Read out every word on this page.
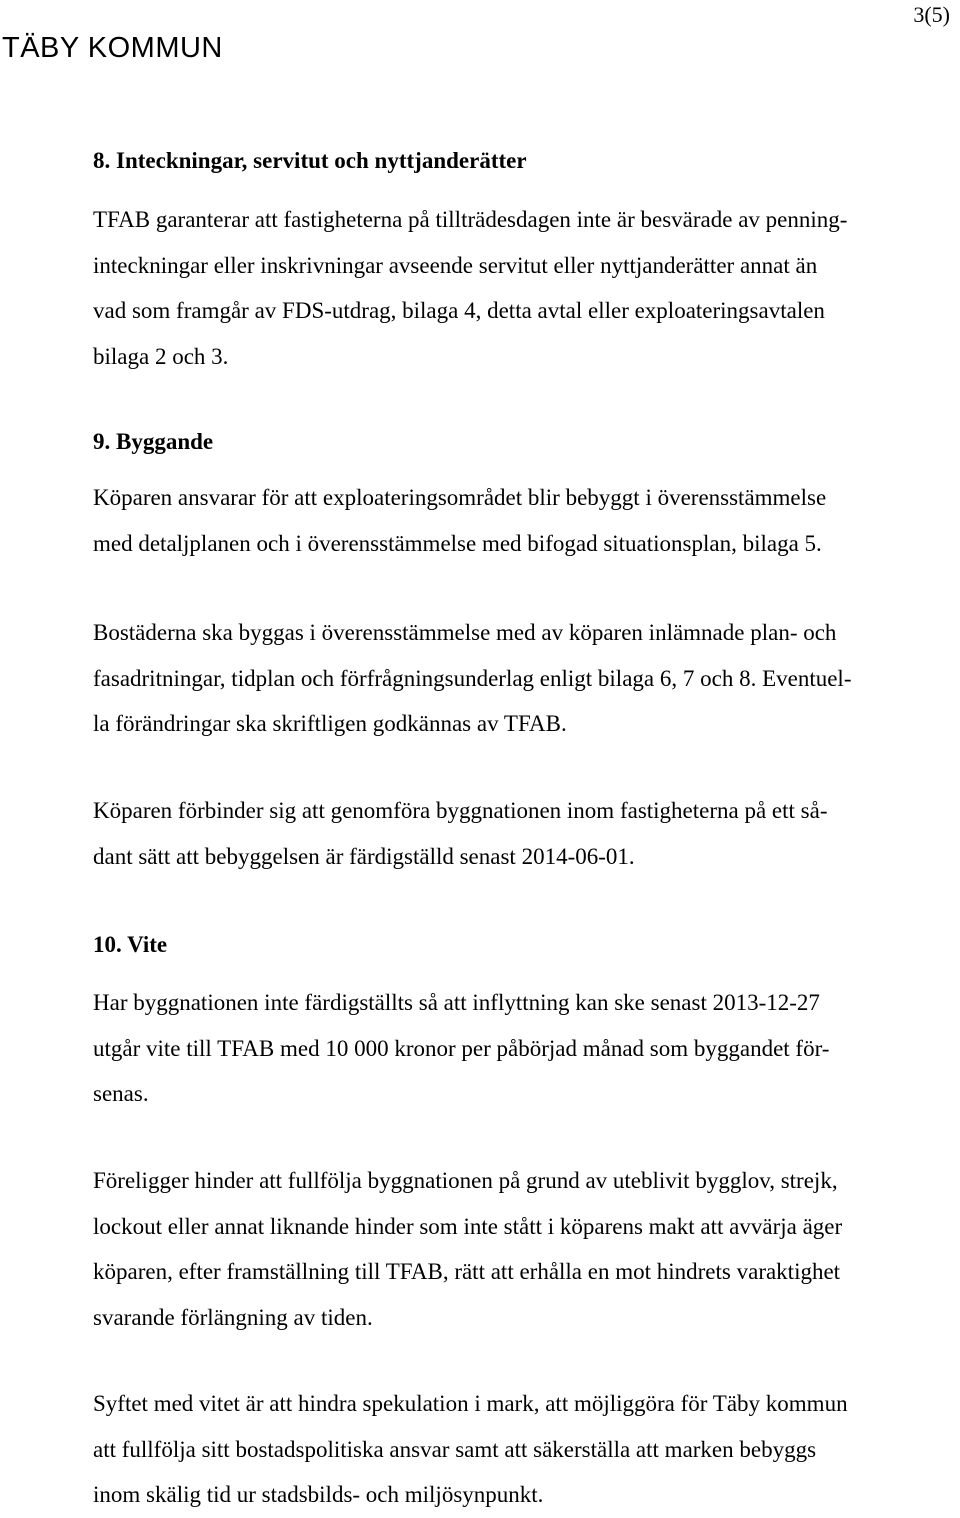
3(5)
TÄBY KOMMUN
8. Inteckningar, servitut och nyttjanderätter
TFAB garanterar att fastigheterna på tillträdesdagen inte är besvärade av penning-
inteckningar eller inskrivningar avseende servitut eller nyttjanderätter annat än
vad som framgår av FDS-utdrag, bilaga 4, detta avtal eller exploateringsavtalen
bilaga 2 och 3.
9. Byggande
Köparen ansvarar för att exploateringsområdet blir bebyggt i överensstämmelse
med detaljplanen och i överensstämmelse med bifogad situationsplan, bilaga 5.
Bostäderna ska byggas i överensstämmelse med av köparen inlämnade plan- och
fasadritningar, tidplan och förfrågningsunderlag enligt bilaga 6, 7 och 8. Eventuel-
la förändringar ska skriftligen godkännas av TFAB.
Köparen förbinder sig att genomföra byggnationen inom fastigheterna på ett så-
dant sätt att bebyggelsen är färdigställd senast 2014-06-01.
10. Vite
Har byggnationen inte färdigställts så att inflyttning kan ske senast 2013-12-27
utgår vite till TFAB med 10 000 kronor per påbörjad månad som byggandet för-
senas.
Föreligger hinder att fullfölja byggnationen på grund av uteblivit bygglov, strejk,
lockout eller annat liknande hinder som inte stått i köparens makt att avvärja äger
köparen, efter framställning till TFAB, rätt att erhålla en mot hindrets varaktighet
svarande förlängning av tiden.
Syftet med vitet är att hindra spekulation i mark, att möjliggöra för Täby kommun
att fullfölja sitt bostadspolitiska ansvar samt att säkerställa att marken bebyggs
inom skälig tid ur stadsbilds- och miljösynpunkt.
